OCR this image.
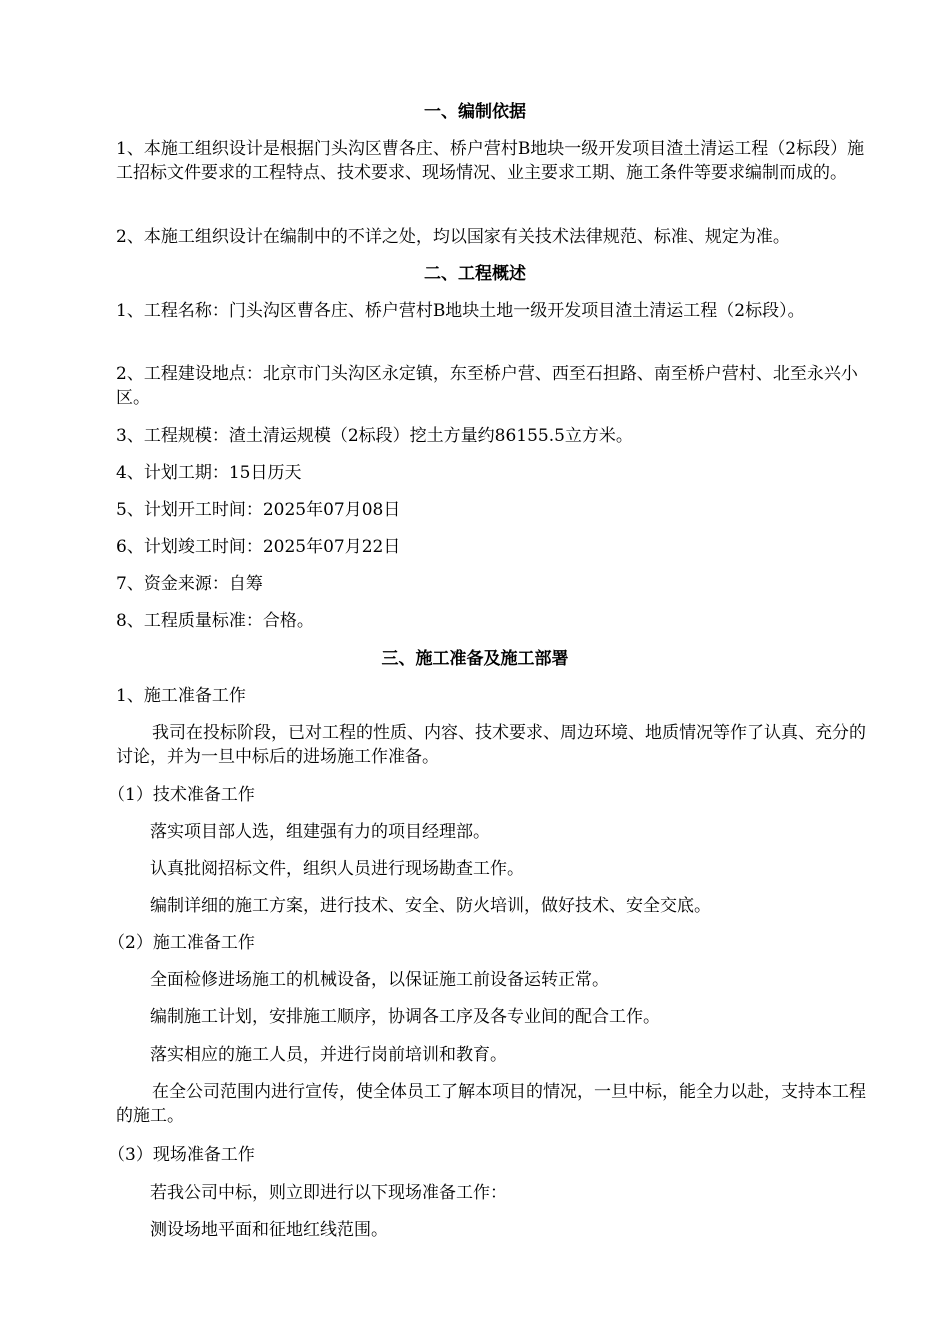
一、编制依据
1、本施工组织设计是根据门头沟区曹各庄、桥户营村B地块一级开发项目渣土清运工程（2标段）施工招标文件要求的工程特点、技术要求、现场情况、业主要求工期、施工条件等要求编制而成的。
2、本施工组织设计在编制中的不详之处，均以国家有关技术法律规范、标准、规定为准。
二、工程概述
1、工程名称：门头沟区曹各庄、桥户营村B地块土地一级开发项目渣土清运工程（2标段）。
2、工程建设地点：北京市门头沟区永定镇，东至桥户营、西至石担路、南至桥户营村、北至永兴小区。
3、工程规模：渣土清运规模（2标段）挖土方量约86155.5立方米。
4、计划工期：15日历天
5、计划开工时间：2025年07月08日
6、计划竣工时间：2025年07月22日
7、资金来源：自筹
8、工程质量标准：合格。
三、施工准备及施工部署
1、施工准备工作
我司在投标阶段，已对工程的性质、内容、技术要求、周边环境、地质情况等作了认真、充分的讨论，并为一旦中标后的进场施工作准备。
（1）技术准备工作
落实项目部人选，组建强有力的项目经理部。
认真批阅招标文件，组织人员进行现场勘查工作。
编制详细的施工方案，进行技术、安全、防火培训，做好技术、安全交底。
（2）施工准备工作
全面检修进场施工的机械设备，以保证施工前设备运转正常。
编制施工计划，安排施工顺序，协调各工序及各专业间的配合工作。
落实相应的施工人员，并进行岗前培训和教育。
在全公司范围内进行宣传，使全体员工了解本项目的情况，一旦中标，能全力以赴，支持本工程的施工。
（3）现场准备工作
若我公司中标，则立即进行以下现场准备工作：
测设场地平面和征地红线范围。
